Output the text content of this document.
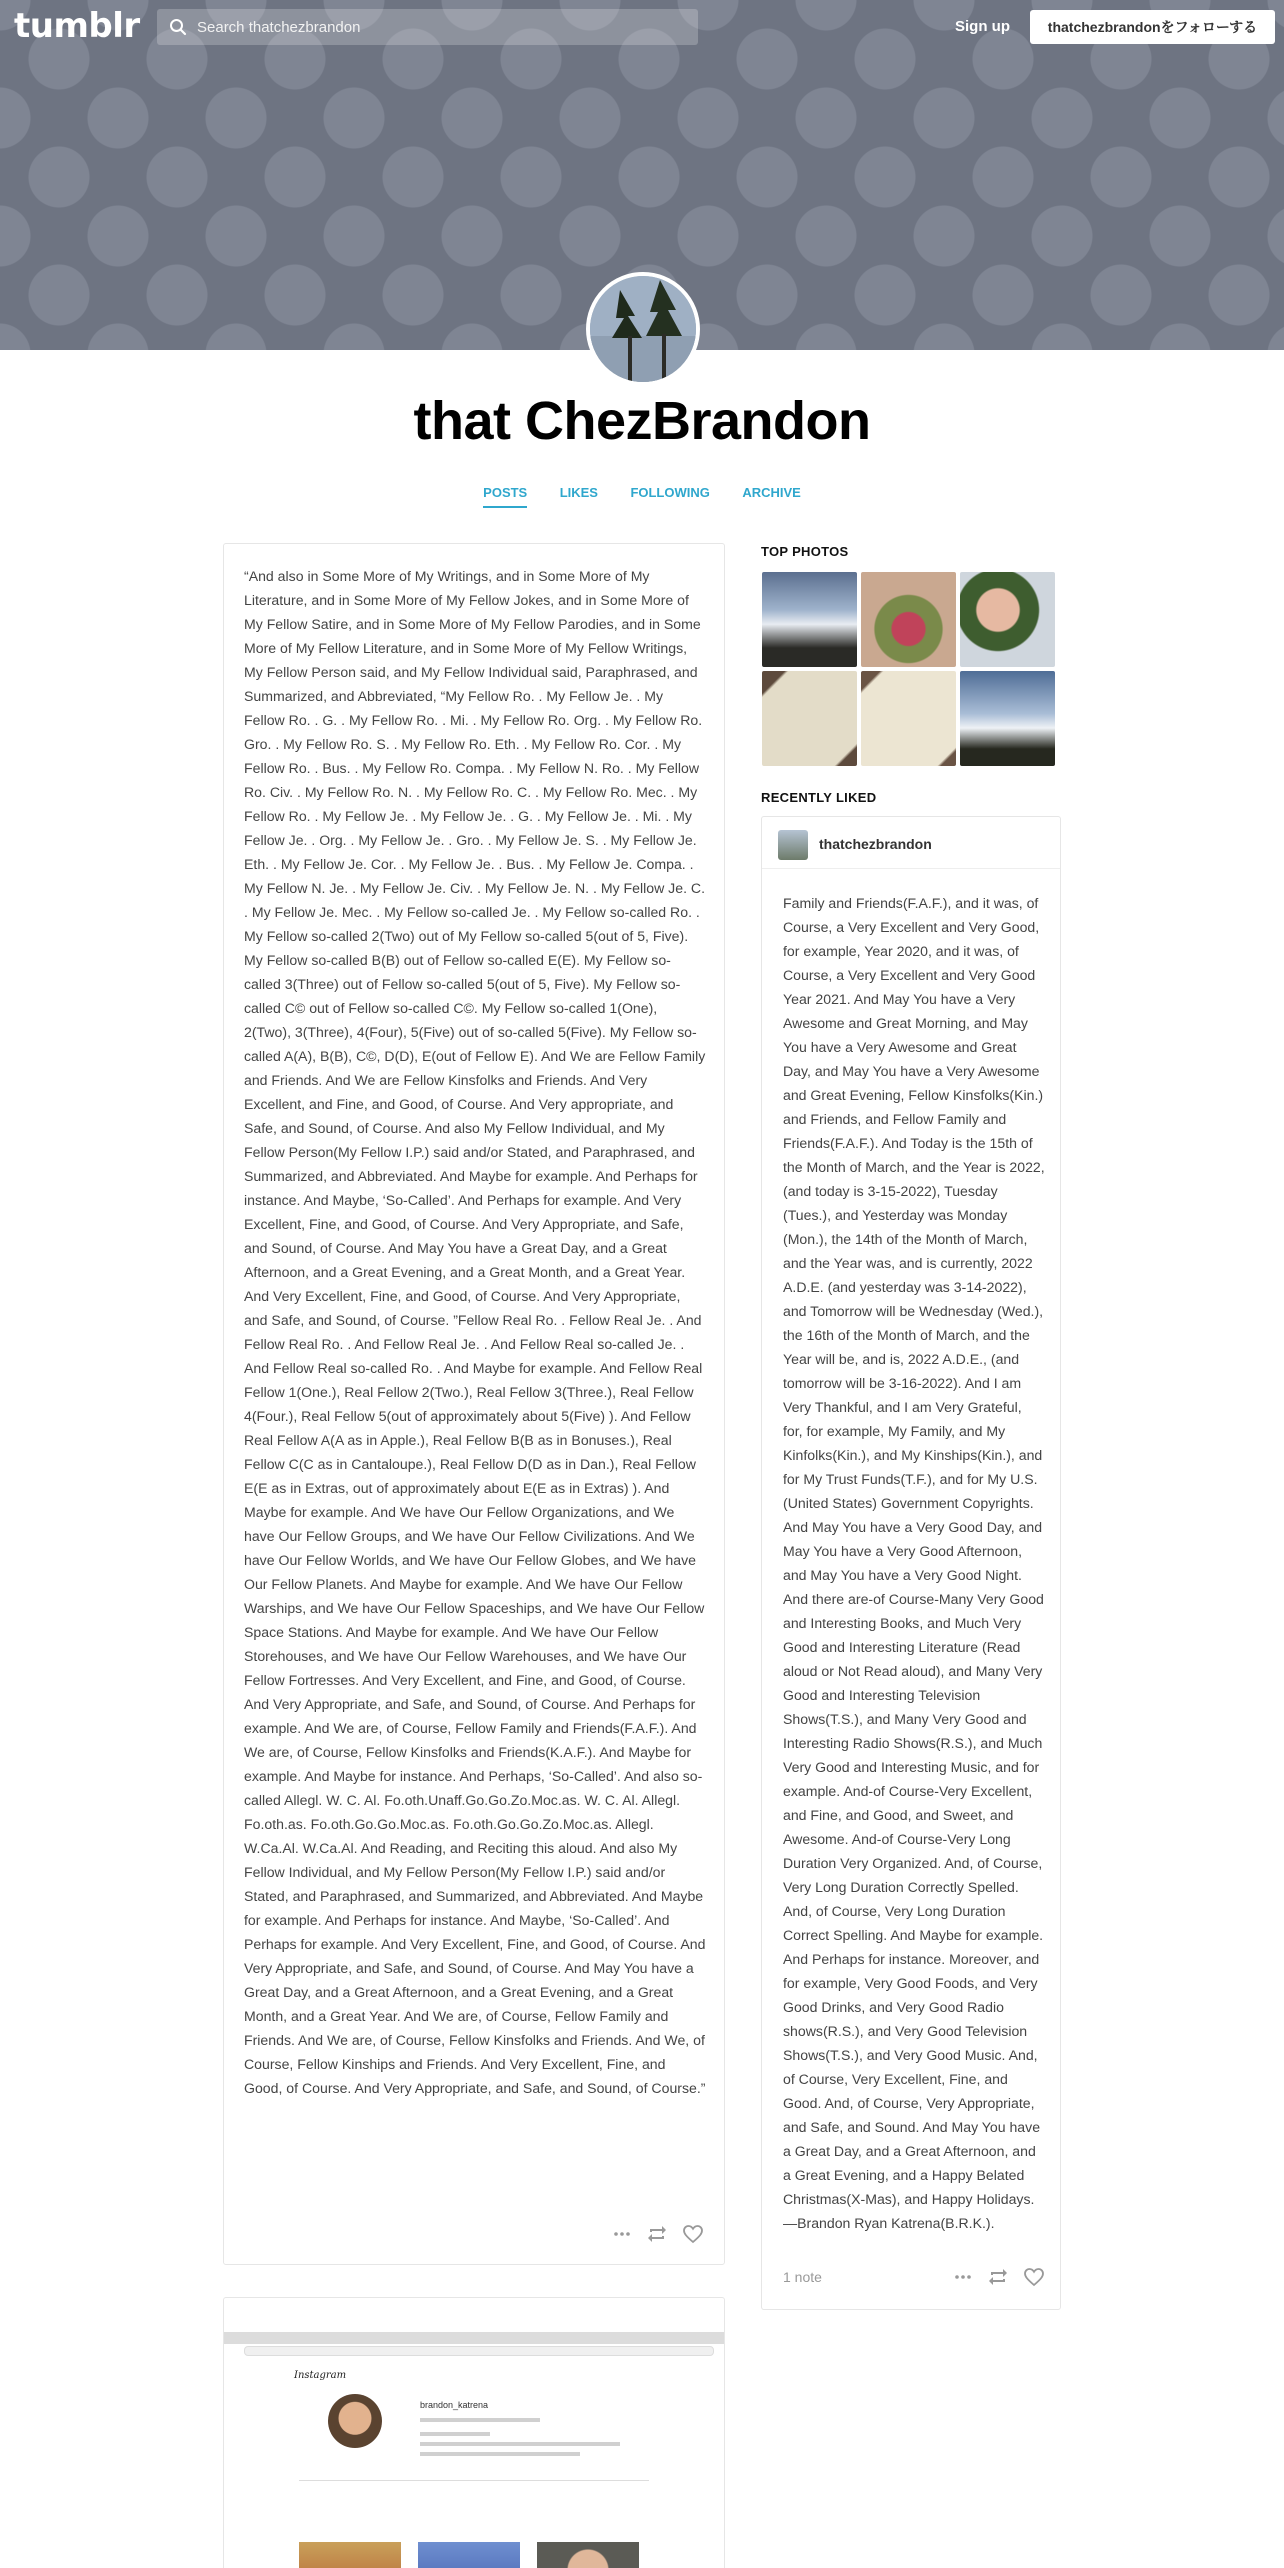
tumblr
Search thatchezbrandon	Sign up	thatchezbrandonをフォローする
that ChezBrandon
POSTS LIKES FOLLOWING ARCHIVE
“And also in Some More of My Writings, and in Some More of My Literature, and in Some More of My Fellow Jokes, and in Some More of My Fellow Satire, and in Some More of My Fellow Parodies, and in Some More of My Fellow Literature, and in Some More of My Fellow Writings, My Fellow Person said, and My Fellow Individual said, Paraphrased, and Summarized, and Abbreviated, “My Fellow Ro. . My Fellow Je. . My Fellow Ro. . G. . My Fellow Ro. . Mi. . My Fellow Ro. Org. . My Fellow Ro. Gro. . My Fellow Ro. S. . My Fellow Ro. Eth. . My Fellow Ro. Cor. . My Fellow Ro. . Bus. . My Fellow Ro. Compa. . My Fellow N. Ro. . My Fellow Ro. Civ. . My Fellow Ro. N. . My Fellow Ro. C. . My Fellow Ro. Mec. . My Fellow Ro. . My Fellow Je. . My Fellow Je. . G. . My Fellow Je. . Mi. . My Fellow Je. . Org. . My Fellow Je. . Gro. . My Fellow Je. S. . My Fellow Je. Eth. . My Fellow Je. Cor. . My Fellow Je. . Bus. . My Fellow Je. Compa. . My Fellow N. Je. . My Fellow Je. Civ. . My Fellow Je. N. . My Fellow Je. C. . My Fellow Je. Mec. . My Fellow so-called Je. . My Fellow so-called Ro. . My Fellow so-called 2(Two) out of My Fellow so-called 5(out of 5, Five). My Fellow so-called B(B) out of Fellow so-called E(E). My Fellow so-called 3(Three) out of Fellow so-called 5(out of 5, Five). My Fellow so-called C© out of Fellow so-called C©. My Fellow so-called 1(One), 2(Two), 3(Three), 4(Four), 5(Five) out of so-called 5(Five). My Fellow so-called A(A), B(B), C©, D(D), E(out of Fellow E). And We are Fellow Family and Friends. And We are Fellow Kinsfolks and Friends. And Very Excellent, and Fine, and Good, of Course. And Very appropriate, and Safe, and Sound, of Course. And also My Fellow Individual, and My Fellow Person(My Fellow I.P.) said and/or Stated, and Paraphrased, and Summarized, and Abbreviated. And Maybe for example. And Perhaps for instance. And Maybe, ‘So-Called’. And Perhaps for example. And Very Excellent, Fine, and Good, of Course. And Very Appropriate, and Safe, and Sound, of Course. And May You have a Great Day, and a Great Afternoon, and a Great Evening, and a Great Month, and a Great Year. And Very Excellent, Fine, and Good, of Course. And Very Appropriate, and Safe, and Sound, of Course. ”Fellow Real Ro. . Fellow Real Je. . And Fellow Real Ro. . And Fellow Real Je. . And Fellow Real so-called Je. . And Fellow Real so-called Ro. . And Maybe for example. And Fellow Real Fellow 1(One.), Real Fellow 2(Two.), Real Fellow 3(Three.), Real Fellow 4(Four.), Real Fellow 5(out of approximately about 5(Five) ). And Fellow Real Fellow A(A as in Apple.), Real Fellow B(B as in Bonuses.), Real Fellow C(C as in Cantaloupe.), Real Fellow D(D as in Dan.), Real Fellow E(E as in Extras, out of approximately about E(E as in Extras) ). And Maybe for example. And We have Our Fellow Organizations, and We have Our Fellow Groups, and We have Our Fellow Civilizations. And We have Our Fellow Worlds, and We have Our Fellow Globes, and We have Our Fellow Planets. And Maybe for example. And We have Our Fellow Warships, and We have Our Fellow Spaceships, and We have Our Fellow Space Stations. And Maybe for example. And We have Our Fellow Storehouses, and We have Our Fellow Warehouses, and We have Our Fellow Fortresses. And Very Excellent, and Fine, and Good, of Course. And Very Appropriate, and Safe, and Sound, of Course. And Perhaps for example. And We are, of Course, Fellow Family and Friends(F.A.F.). And We are, of Course, Fellow Kinsfolks and Friends(K.A.F.). And Maybe for example. And Maybe for instance. And Perhaps, ‘So-Called’. And also so-called Allegl. W. C. Al. Fo.oth.Unaff.Go.Go.Zo.Moc.as. W. C. Al. Allegl. Fo.oth.as. Fo.oth.Go.Go.Moc.as. Fo.oth.Go.Go.Zo.Moc.as. Allegl. W.Ca.Al. W.Ca.Al. And Reading, and Reciting this aloud. And also My Fellow Individual, and My Fellow Person(My Fellow I.P.) said and/or Stated, and Paraphrased, and Summarized, and Abbreviated. And Maybe for example. And Perhaps for instance. And Maybe, ‘So-Called’. And Perhaps for example. And Very Excellent, Fine, and Good, of Course. And Very Appropriate, and Safe, and Sound, of Course. And May You have a Great Day, and a Great Afternoon, and a Great Evening, and a Great Month, and a Great Year. And We are, of Course, Fellow Family and Friends. And We are, of Course, Fellow Kinsfolks and Friends. And We, of Course, Fellow Kinships and Friends. And Very Excellent, Fine, and Good, of Course. And Very Appropriate, and Safe, and Sound, of Course.”
Instagram
brandon_katrena
TOP PHOTOS
RECENTLY LIKED
thatchezbrandon
Family and Friends(F.A.F.), and it was, of Course, a Very Excellent and Very Good, for example, Year 2020, and it was, of Course, a Very Excellent and Very Good Year 2021. And May You have a Very Awesome and Great Morning, and May You have a Very Awesome and Great Day, and May You have a Very Awesome and Great Evening, Fellow Kinsfolks(Kin.) and Friends, and Fellow Family and Friends(F.A.F.). And Today is the 15th of the Month of March, and the Year is 2022, (and today is 3-15-2022), Tuesday (Tues.), and Yesterday was Monday (Mon.), the 14th of the Month of March, and the Year was, and is currently, 2022 A.D.E. (and yesterday was 3-14-2022), and Tomorrow will be Wednesday (Wed.), the 16th of the Month of March, and the Year will be, and is, 2022 A.D.E., (and tomorrow will be 3-16-2022). And I am Very Thankful, and I am Very Grateful, for, for example, My Family, and My Kinfolks(Kin.), and My Kinships(Kin.), and for My Trust Funds(T.F.), and for My U.S.(United States) Government Copyrights. And May You have a Very Good Day, and May You have a Very Good Afternoon, and May You have a Very Good Night. And there are-of Course-Many Very Good and Interesting Books, and Much Very Good and Interesting Literature (Read aloud or Not Read aloud), and Many Very Good and Interesting Television Shows(T.S.), and Many Very Good and Interesting Radio Shows(R.S.), and Much Very Good and Interesting Music, and for example. And-of Course-Very Excellent, and Fine, and Good, and Sweet, and Awesome. And-of Course-Very Long Duration Very Organized. And, of Course, Very Long Duration Correctly Spelled. And, of Course, Very Long Duration Correct Spelling. And Maybe for example. And Perhaps for instance. Moreover, and for example, Very Good Foods, and Very Good Drinks, and Very Good Radio shows(R.S.), and Very Good Television Shows(T.S.), and Very Good Music. And, of Course, Very Excellent, Fine, and Good. And, of Course, Very Appropriate, and Safe, and Sound. And May You have a Great Day, and a Great Afternoon, and a Great Evening, and a Happy Belated Christmas(X-Mas), and Happy Holidays.—Brandon Ryan Katrena(B.R.K.).
1 note
